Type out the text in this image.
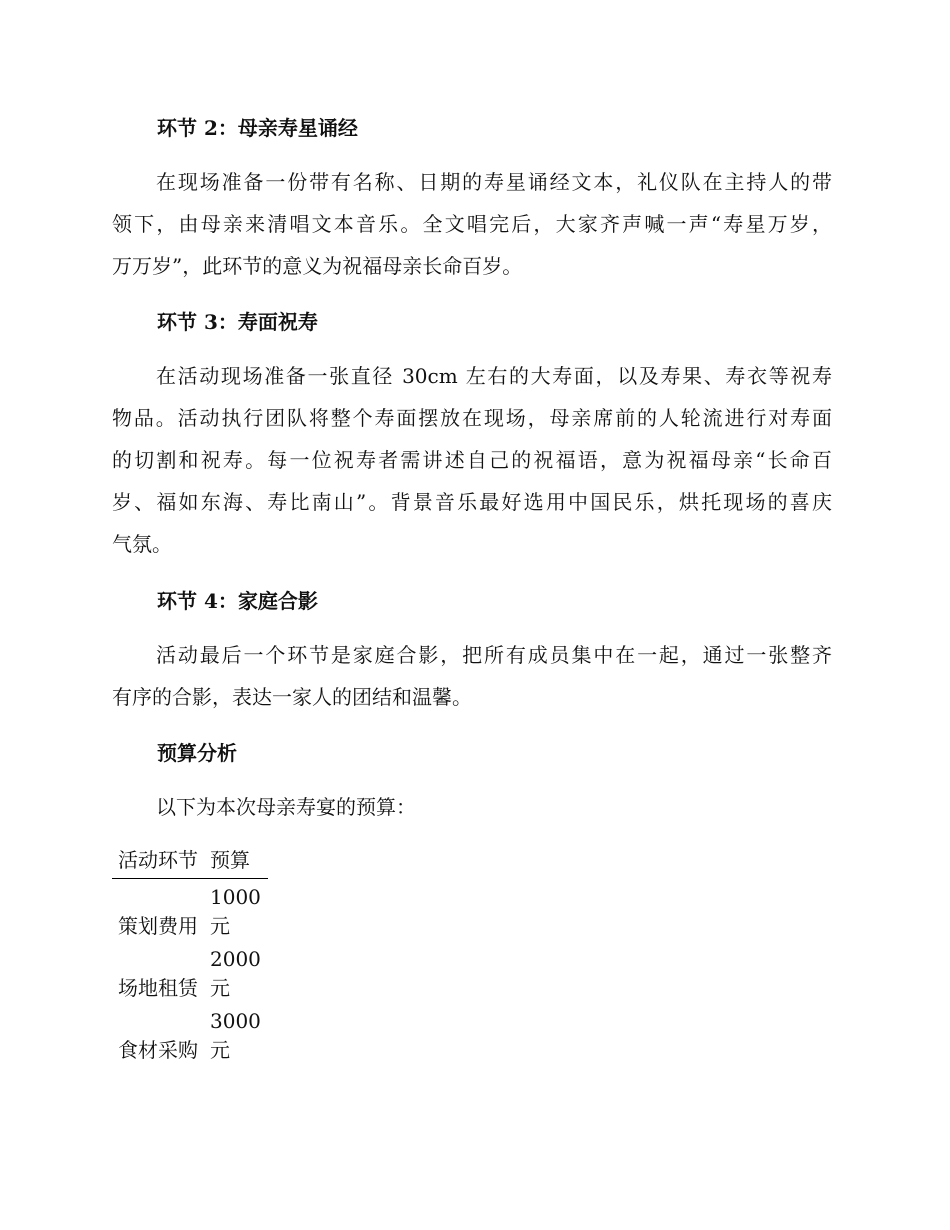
环节 2：母亲寿星诵经

在现场准备一份带有名称、日期的寿星诵经文本，礼仪队在主持人的带
领下，由母亲来清唱文本音乐。全文唱完后，大家齐声喊一声“寿星万岁，
万万岁”，此环节的意义为祝福母亲长命百岁。

环节 3：寿面祝寿

在活动现场准备一张直径 30cm 左右的大寿面，以及寿果、寿衣等祝寿
物品。活动执行团队将整个寿面摆放在现场，母亲席前的人轮流进行对寿面
的切割和祝寿。每一位祝寿者需讲述自己的祝福语，意为祝福母亲“长命百
岁、福如东海、寿比南山”。背景音乐最好选用中国民乐，烘托现场的喜庆
气氛。

环节 4：家庭合影

活动最后一个环节是家庭合影，把所有成员集中在一起，通过一张整齐
有序的合影，表达一家人的团结和温馨。

预算分析

以下为本次母亲寿宴的预算：

活动环节	预算

策划费用	1000 元

场地租赁	2000 元

食材采购	3000 元
